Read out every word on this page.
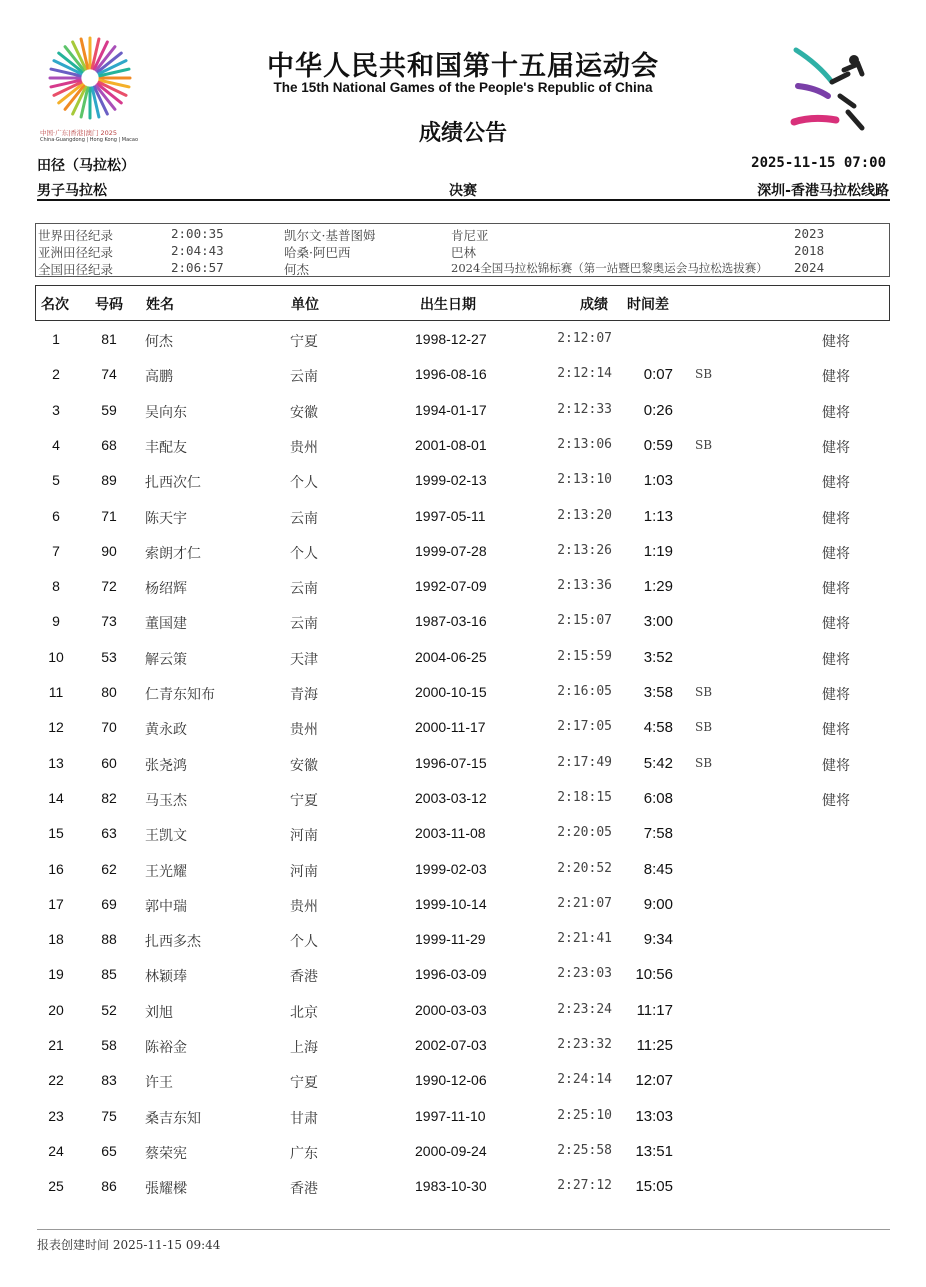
中国·广东|香港|澳门 2025
China·Guangdong | Hong Kong | Macao
中华人民共和国第十五届运动会
The 15th National Games of the People's Republic of China
成绩公告
田径（马拉松）	2025-11-15 07:00
男子马拉松	决赛	深圳-香港马拉松线路
世界田径纪录	2:00:35	凯尔文·基普图姆	肯尼亚	2023
亚洲田径纪录	2:04:43	哈桑·阿巴西	巴林	2018
全国田径纪录	2:06:57	何杰	2024全国马拉松锦标赛（第一站暨巴黎奥运会马拉松选拔赛） 2024
名次 号码 姓名	单位	出生日期	成绩 时间差
1	81	何杰	宁夏	1998-12-27	2:12:07	健将
2	74	高鹏	云南	1996-08-16	2:12:14	0:07 SB	健将
3	59	吴向东	安徽	1994-01-17	2:12:33	0:26	健将
4	68	丰配友	贵州	2001-08-01	2:13:06	0:59 SB	健将
5	89	扎西次仁	个人	1999-02-13	2:13:10	1:03	健将
6	71	陈天宇	云南	1997-05-11	2:13:20	1:13	健将
7	90	索朗才仁	个人	1999-07-28	2:13:26	1:19	健将
8	72	杨绍辉	云南	1992-07-09	2:13:36	1:29	健将
9	73	董国建	云南	1987-03-16	2:15:07	3:00	健将
10	53	解云策	天津	2004-06-25	2:15:59	3:52	健将
11	80	仁青东知布	青海	2000-10-15	2:16:05	3:58 SB	健将
12	70	黄永政	贵州	2000-11-17	2:17:05	4:58 SB	健将
13	60	张尧鸿	安徽	1996-07-15	2:17:49	5:42 SB	健将
14	82	马玉杰	宁夏	2003-03-12	2:18:15	6:08	健将
15	63	王凯文	河南	2003-11-08	2:20:05	7:58
16	62	王光耀	河南	1999-02-03	2:20:52	8:45
17	69	郭中瑞	贵州	1999-10-14	2:21:07	9:00
18	88	扎西多杰	个人	1999-11-29	2:21:41	9:34
19	85	林颖琫	香港	1996-03-09	2:23:03	10:56
20	52	刘旭	北京	2000-03-03	2:23:24	11:17
21	58	陈裕金	上海	2002-07-03	2:23:32	11:25
22	83	许王	宁夏	1990-12-06	2:24:14	12:07
23	75	桑吉东知	甘肃	1997-11-10	2:25:10	13:03
24	65	蔡荣宪	广东	2000-09-24	2:25:58	13:51
25	86	張耀樑	香港	1983-10-30	2:27:12	15:05
报表创建时间 2025-11-15 09:44
